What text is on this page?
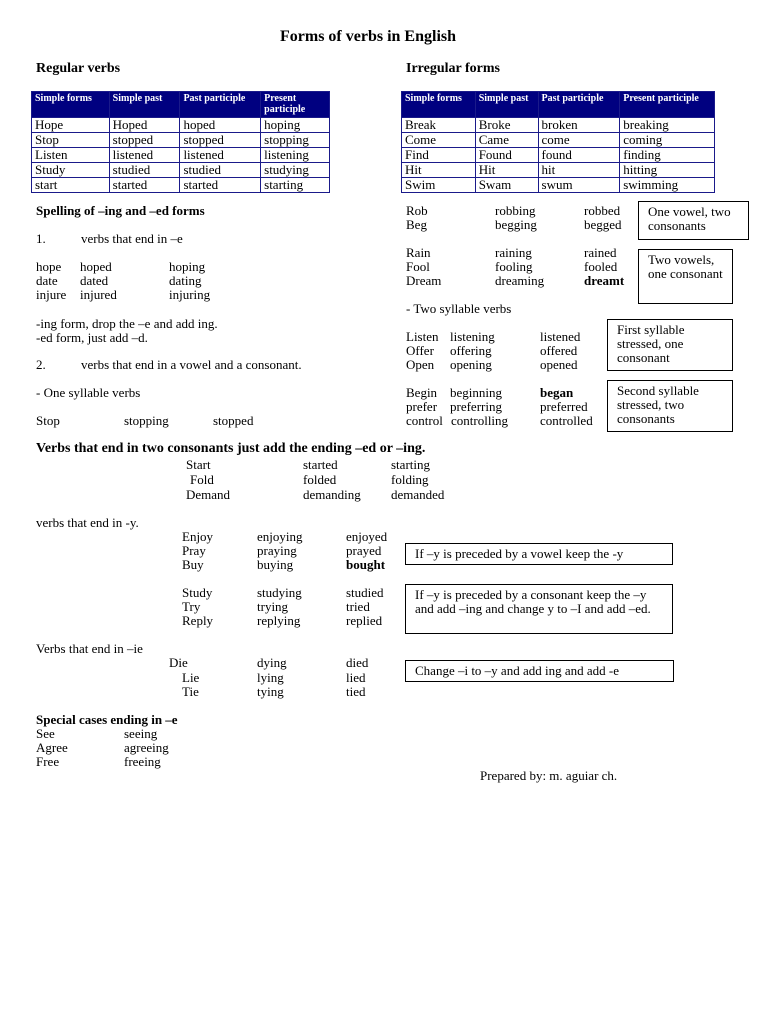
Forms of verbs in English
Regular verbs	Irregular forms
Simple forms	Simple past	Past participle	Present participle
Hope	Hoped	hoped	hoping
Stop	stopped	stopped	stopping
Listen	listened	listened	listening
Study	studied	studied	studying
start	started	started	starting
Simple forms	Simple past	Past participle	Present participle
Break	Broke	broken	breaking
Come	Came	come	coming
Find	Found	found	finding
Hit	Hit	hit	hitting
Swim	Swam	swum	swimming
Spelling of –ing and –ed forms
1.	verbs that end in –e
hope hoped	hoping
date dated	dating
injure injured	injuring
-ing form, drop the –e and add ing.
-ed form, just add –d.
2.	verbs that end in a vowel and a consonant.
- One syllable verbs
Stop	stopping	stopped
Rob	robbing	robbed
Beg	begging	begged
One vowel, two consonants
Rain	raining	rained
Fool	fooling	fooled
Dream	dreaming	dreamt
Two vowels, one consonant
- Two syllable verbs
Listen listening	listened
Offer offering	offered
Open opening	opened
First syllable stressed, one consonant
Begin beginning	began
prefer preferring	preferred
control controlling controlled
Second syllable stressed, two consonants
Verbs that end in two consonants just add the ending –ed or –ing.
Start	started	starting
Fold	folded	folding
Demand	demanding demanded
verbs that end in -y.
Enjoy	enjoying	enjoyed
Pray	praying	prayed
Buy	buying	bought
If –y is preceded by a vowel keep the -y
Study	studying	studied
Try	trying	tried
Reply	replying	replied
If –y is preceded by a consonant keep the –y and add –ing and change y to –I and add –ed.
Verbs that end in –ie
Die	dying	died
Lie	lying	lied
Tie	tying	tied
Change –i to –y and add ing and add -e
Special cases ending in –e
See	seeing
Agree	agreeing
Free	freeing
Prepared by: m. aguiar ch.
